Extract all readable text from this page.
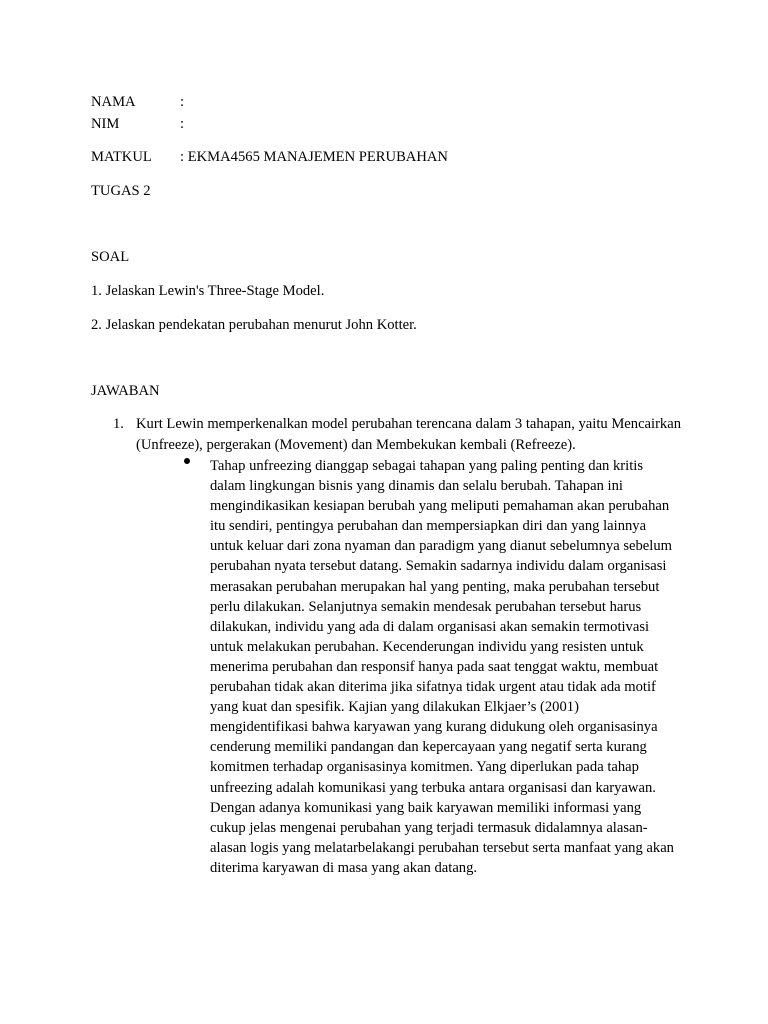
NAMA	:
NIM	:
MATKUL : EKMA4565 MANAJEMEN PERUBAHAN
TUGAS 2
SOAL
1. Jelaskan Lewin's Three-Stage Model.
2. Jelaskan pendekatan perubahan menurut John Kotter.
JAWABAN
1. Kurt Lewin memperkenalkan model perubahan terencana dalam 3 tahapan, yaitu Mencairkan (Unfreeze), pergerakan (Movement) dan Membekukan kembali (Refreeze).

Tahap unfreezing dianggap sebagai tahapan yang paling penting dan kritis dalam lingkungan bisnis yang dinamis dan selalu berubah. Tahapan ini mengindikasikan kesiapan berubah yang meliputi pemahaman akan perubahan itu sendiri, pentingya perubahan dan mempersiapkan diri dan yang lainnya untuk keluar dari zona nyaman dan paradigm yang dianut sebelumnya sebelum perubahan nyata tersebut datang. Semakin sadarnya individu dalam organisasi merasakan perubahan merupakan hal yang penting, maka perubahan tersebut perlu dilakukan. Selanjutnya semakin mendesak perubahan tersebut harus dilakukan, individu yang ada di dalam organisasi akan semakin termotivasi untuk melakukan perubahan. Kecenderungan individu yang resisten untuk menerima perubahan dan responsif hanya pada saat tenggat waktu, membuat perubahan tidak akan diterima jika sifatnya tidak urgent atau tidak ada motif yang kuat dan spesifik. Kajian yang dilakukan Elkjaer’s (2001) mengidentifikasi bahwa karyawan yang kurang didukung oleh organisasinya cenderung memiliki pandangan dan kepercayaan yang negatif serta kurang komitmen terhadap organisasinya komitmen. Yang diperlukan pada tahap unfreezing adalah komunikasi yang terbuka antara organisasi dan karyawan. Dengan adanya komunikasi yang baik karyawan memiliki informasi yang cukup jelas mengenai perubahan yang terjadi termasuk didalamnya alasan-alasan logis yang melatarbelakangi perubahan tersebut serta manfaat yang akan diterima karyawan di masa yang akan datang.
